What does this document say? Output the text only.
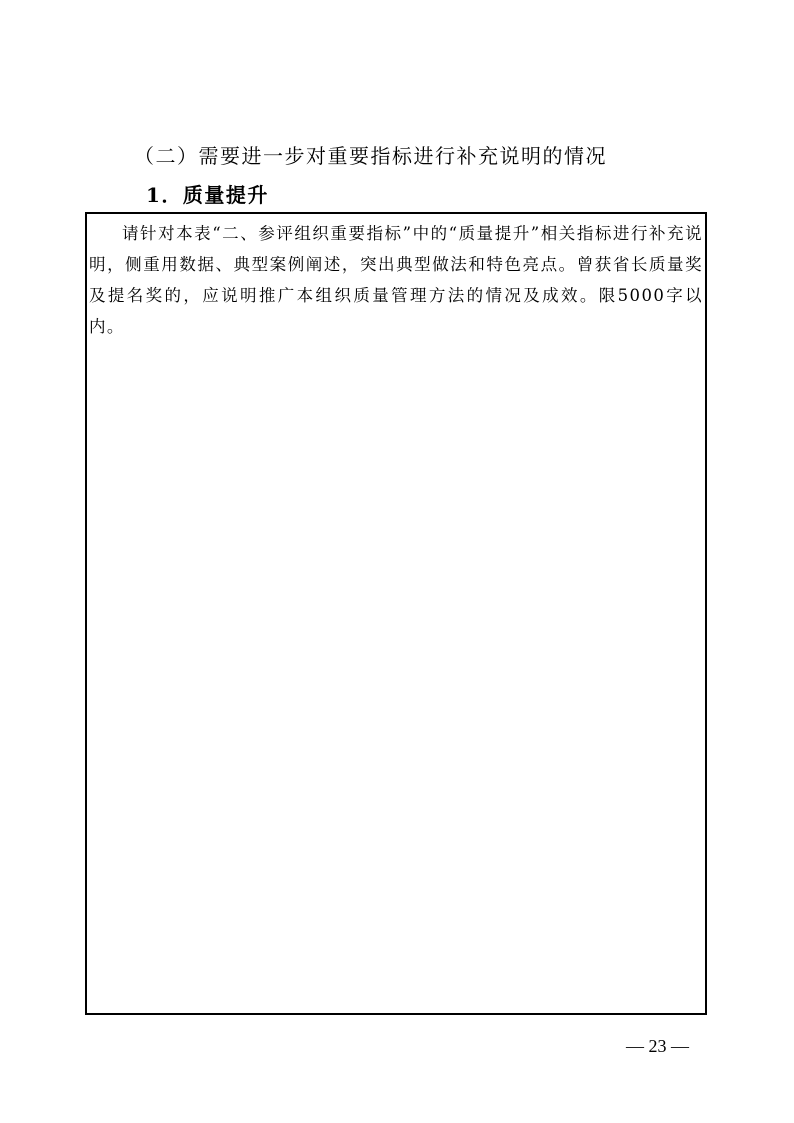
（二）需要进一步对重要指标进行补充说明的情况
1．质量提升

请针对本表“二、参评组织重要指标”中的“质量提升”相关指标进行补充说明，侧重用数据、典型案例阐述，突出典型做法和特色亮点。曾获省长质量奖及提名奖的，应说明推广本组织质量管理方法的情况及成效。限5000字以内。

— 23 —
